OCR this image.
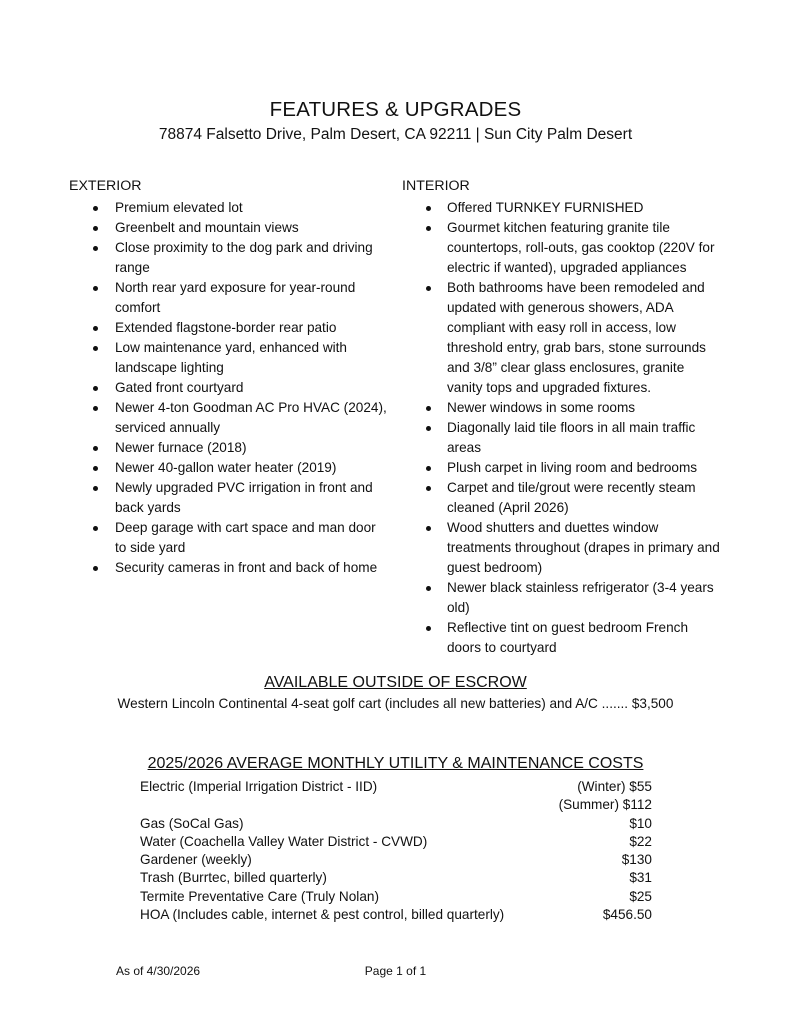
FEATURES & UPGRADES
78874 Falsetto Drive, Palm Desert, CA 92211 | Sun City Palm Desert
EXTERIOR
Premium elevated lot
Greenbelt and mountain views
Close proximity to the dog park and driving range
North rear yard exposure for year-round comfort
Extended flagstone-border rear patio
Low maintenance yard, enhanced with landscape lighting
Gated front courtyard
Newer 4-ton Goodman AC Pro HVAC (2024), serviced annually
Newer furnace (2018)
Newer 40-gallon water heater (2019)
Newly upgraded PVC irrigation in front and back yards
Deep garage with cart space and man door to side yard
Security cameras in front and back of home
INTERIOR
Offered TURNKEY FURNISHED
Gourmet kitchen featuring granite tile countertops, roll-outs, gas cooktop (220V for electric if wanted), upgraded appliances
Both bathrooms have been remodeled and updated with generous showers, ADA compliant with easy roll in access, low threshold entry, grab bars, stone surrounds and 3/8” clear glass enclosures, granite vanity tops and upgraded fixtures.
Newer windows in some rooms
Diagonally laid tile floors in all main traffic areas
Plush carpet in living room and bedrooms
Carpet and tile/grout were recently steam cleaned (April 2026)
Wood shutters and duettes window treatments throughout (drapes in primary and guest bedroom)
Newer black stainless refrigerator (3-4 years old)
Reflective tint on guest bedroom French doors to courtyard
AVAILABLE OUTSIDE OF ESCROW
Western Lincoln Continental 4-seat golf cart (includes all new batteries) and A/C ....... $3,500
2025/2026 AVERAGE MONTHLY UTILITY & MAINTENANCE COSTS
Electric (Imperial Irrigation District - IID)	(Winter) $55
(Summer) $112
Gas (SoCal Gas)	$10
Water (Coachella Valley Water District - CVWD)	$22
Gardener (weekly)	$130
Trash (Burrtec, billed quarterly)	$31
Termite Preventative Care (Truly Nolan)	$25
HOA (Includes cable, internet & pest control, billed quarterly)	$456.50
As of 4/30/2026	Page 1 of 1
